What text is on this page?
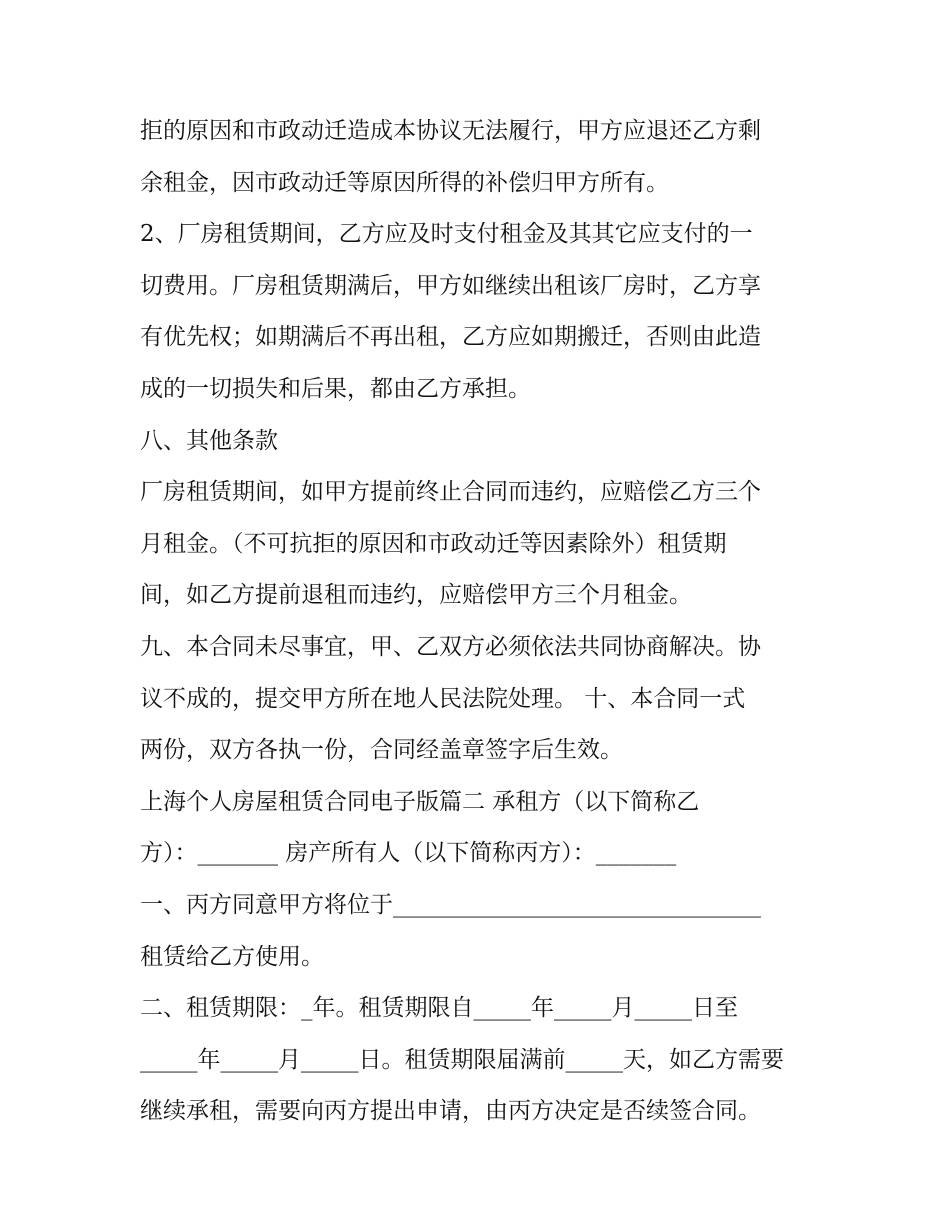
拒的原因和市政动迁造成本协议无法履行，甲方应退还乙方剩

余租金，因市政动迁等原因所得的补偿归甲方所有。

2、厂房租赁期间，乙方应及时支付租金及其其它应支付的一

切费用。厂房租赁期满后，甲方如继续出租该厂房时，乙方享

有优先权；如期满后不再出租，乙方应如期搬迁，否则由此造

成的一切损失和后果，都由乙方承担。

八、其他条款

厂房租赁期间，如甲方提前终止合同而违约，应赔偿乙方三个

月租金。（不可抗拒的原因和市政动迁等因素除外）租赁期

间，如乙方提前退租而违约，应赔偿甲方三个月租金。

九、本合同未尽事宜，甲、乙双方必须依法共同协商解决。协

议不成的，提交甲方所在地人民法院处理。 十、本合同一式

两份，双方各执一份，合同经盖章签字后生效。

上海个人房屋租赁合同电子版篇二 承租方（以下简称乙

方）：_______ 房产所有人（以下简称丙方）：_______

一、丙方同意甲方将位于________________________________

租赁给乙方使用。

二、租赁期限：_年。租赁期限自_____年_____月_____日至

_____年_____月_____日。租赁期限届满前_____天，如乙方需要

继续承租，需要向丙方提出申请，由丙方决定是否续签合同。
